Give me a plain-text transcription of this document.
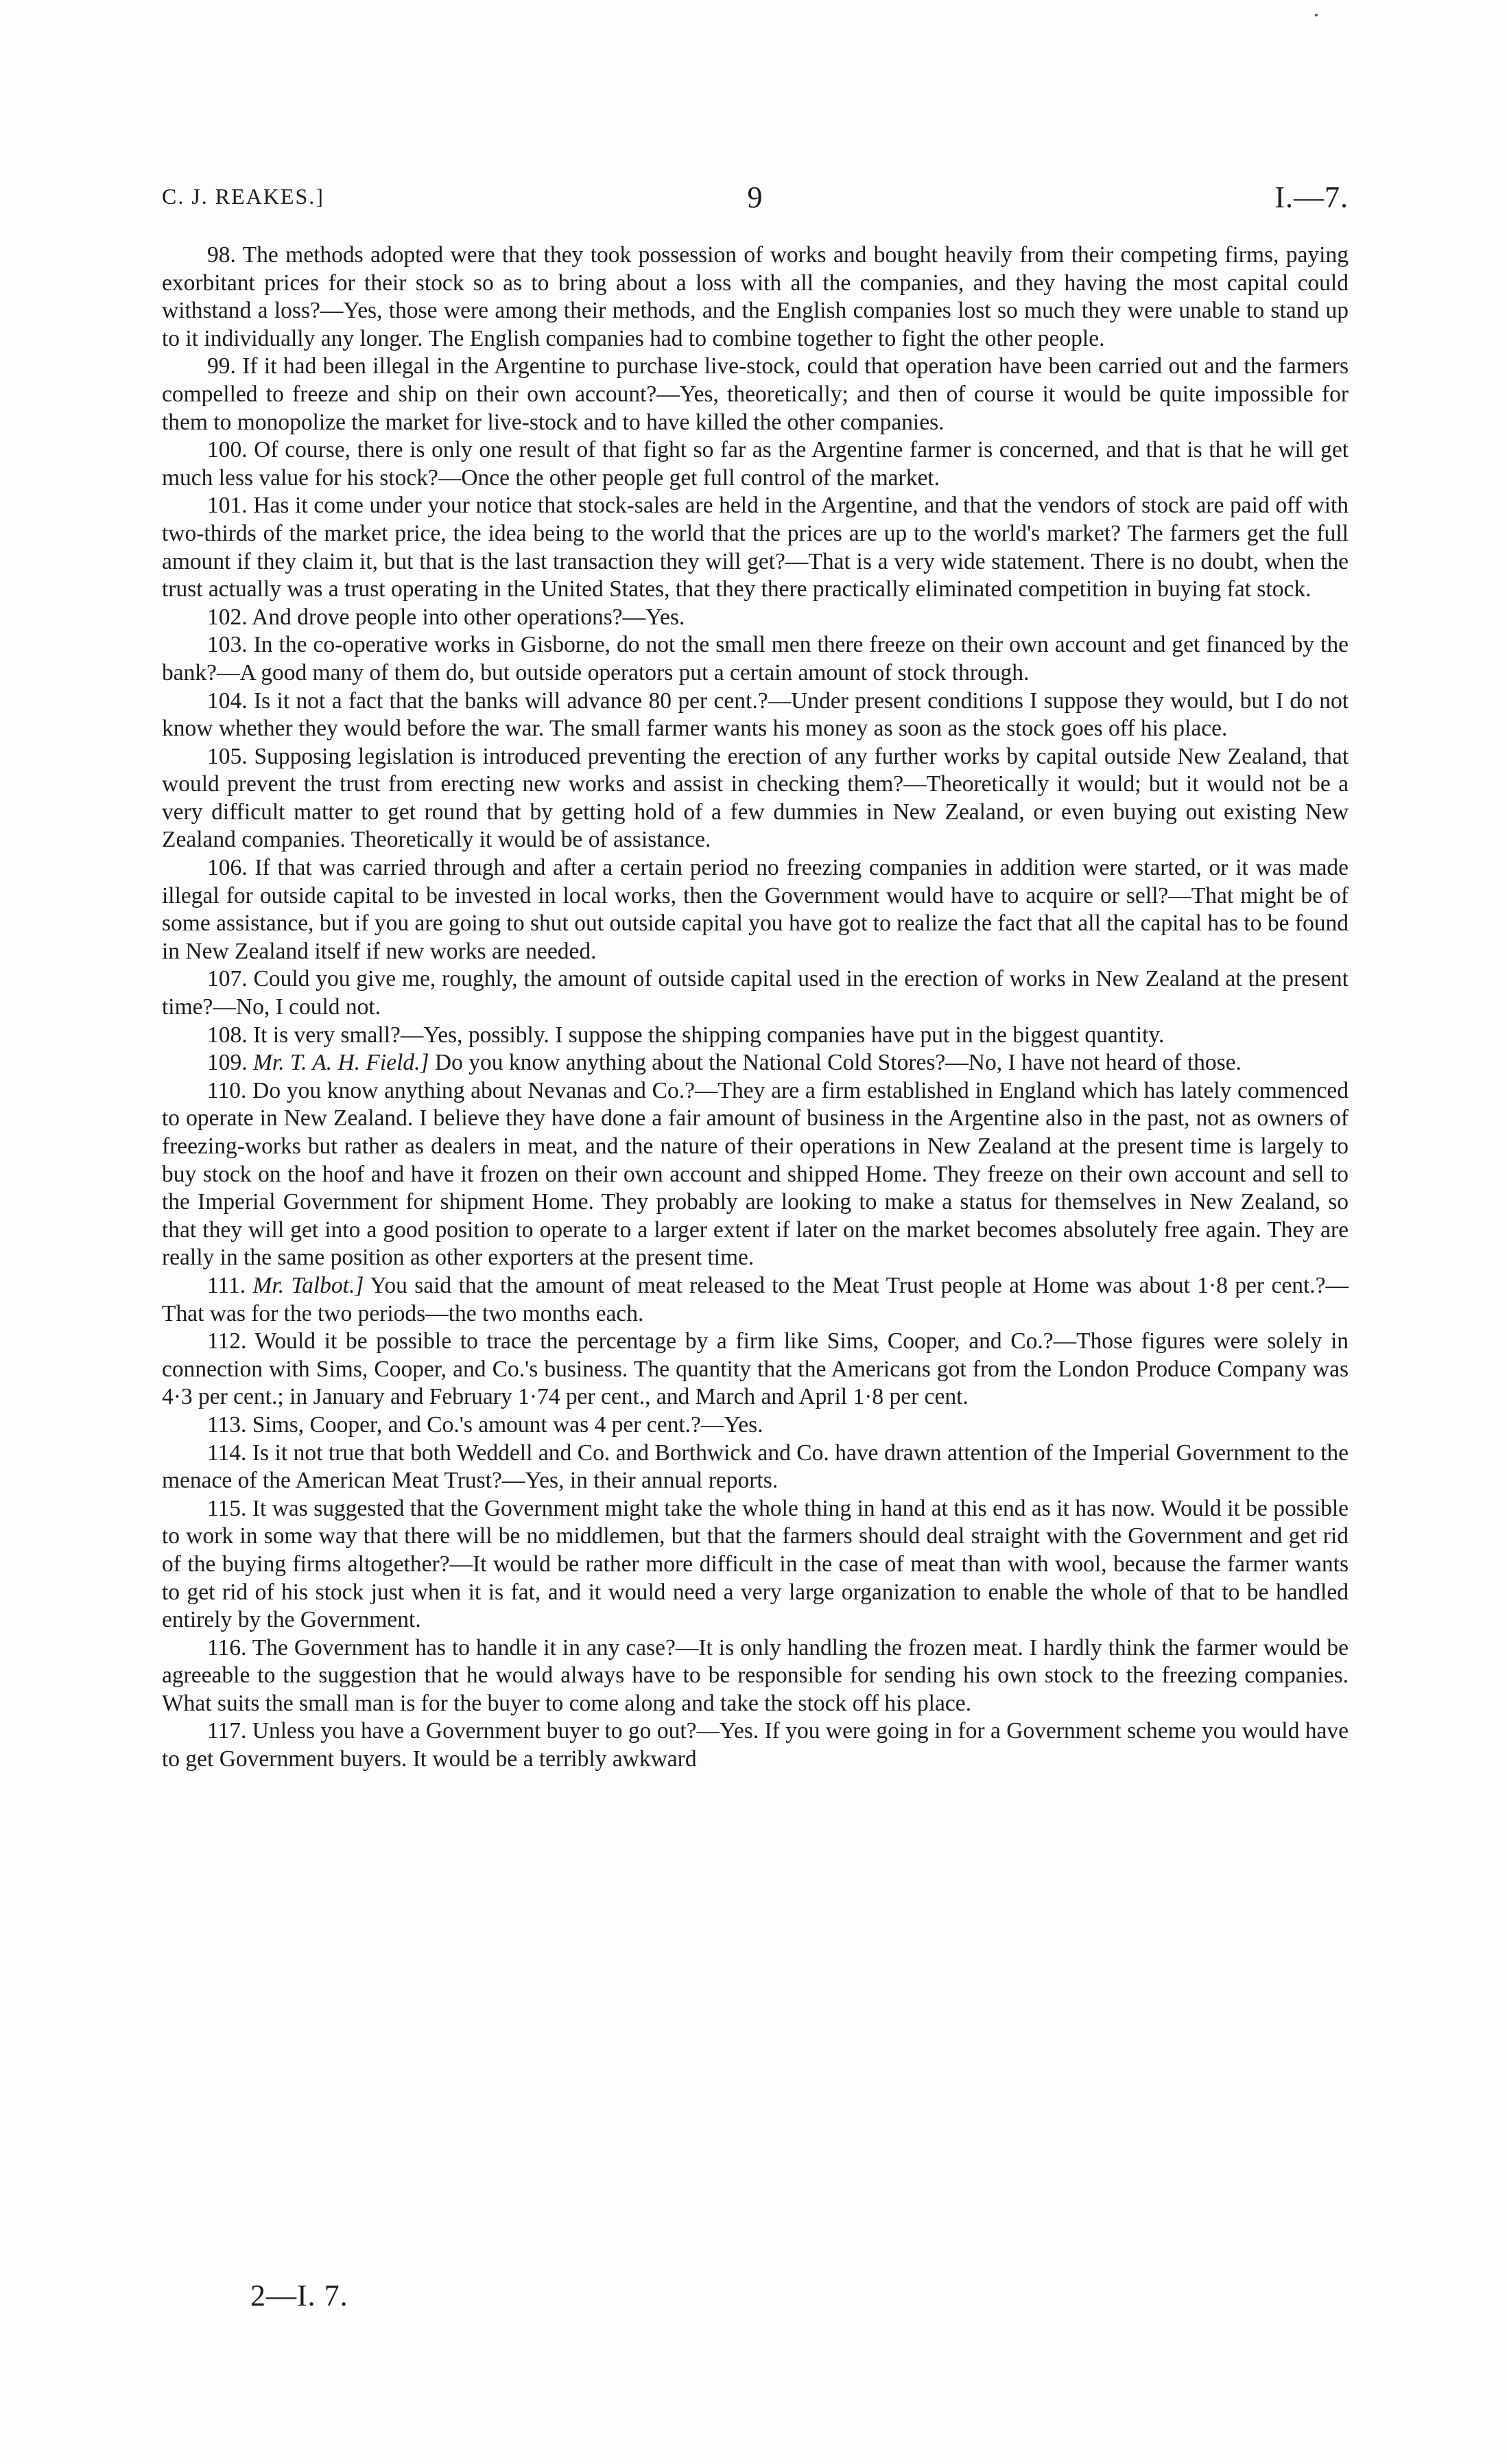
C. J. REAKES.]	9	I.—7.

98. The methods adopted were that they took possession of works and bought heavily from their competing firms, paying exorbitant prices for their stock so as to bring about a loss with all the companies, and they having the most capital could withstand a loss?—Yes, those were among their methods, and the English companies lost so much they were unable to stand up to it individually any longer. The English companies had to combine together to fight the other people.

99. If it had been illegal in the Argentine to purchase live-stock, could that operation have been carried out and the farmers compelled to freeze and ship on their own account?—Yes, theoretically; and then of course it would be quite impossible for them to monopolize the market for live-stock and to have killed the other companies.

100. Of course, there is only one result of that fight so far as the Argentine farmer is concerned, and that is that he will get much less value for his stock?—Once the other people get full control of the market.

101. Has it come under your notice that stock-sales are held in the Argentine, and that the vendors of stock are paid off with two-thirds of the market price, the idea being to the world that the prices are up to the world's market? The farmers get the full amount if they claim it, but that is the last transaction they will get?—That is a very wide statement. There is no doubt, when the trust actually was a trust operating in the United States, that they there practically eliminated competition in buying fat stock.

102. And drove people into other operations?—Yes.

103. In the co-operative works in Gisborne, do not the small men there freeze on their own account and get financed by the bank?—A good many of them do, but outside operators put a certain amount of stock through.

104. Is it not a fact that the banks will advance 80 per cent.?—Under present conditions I suppose they would, but I do not know whether they would before the war. The small farmer wants his money as soon as the stock goes off his place.

105. Supposing legislation is introduced preventing the erection of any further works by capital outside New Zealand, that would prevent the trust from erecting new works and assist in checking them?—Theoretically it would; but it would not be a very difficult matter to get round that by getting hold of a few dummies in New Zealand, or even buying out existing New Zealand companies. Theoretically it would be of assistance.

106. If that was carried through and after a certain period no freezing companies in addition were started, or it was made illegal for outside capital to be invested in local works, then the Government would have to acquire or sell?—That might be of some assistance, but if you are going to shut out outside capital you have got to realize the fact that all the capital has to be found in New Zealand itself if new works are needed.

107. Could you give me, roughly, the amount of outside capital used in the erection of works in New Zealand at the present time?—No, I could not.

108. It is very small?—Yes, possibly. I suppose the shipping companies have put in the biggest quantity.

109. Mr. T. A. H. Field.] Do you know anything about the National Cold Stores?—No, I have not heard of those.

110. Do you know anything about Nevanas and Co.?—They are a firm established in England which has lately commenced to operate in New Zealand. I believe they have done a fair amount of business in the Argentine also in the past, not as owners of freezing-works but rather as dealers in meat, and the nature of their operations in New Zealand at the present time is largely to buy stock on the hoof and have it frozen on their own account and shipped Home. They freeze on their own account and sell to the Imperial Government for shipment Home. They probably are looking to make a status for themselves in New Zealand, so that they will get into a good position to operate to a larger extent if later on the market becomes absolutely free again. They are really in the same position as other exporters at the present time.

111. Mr. Talbot.] You said that the amount of meat released to the Meat Trust people at Home was about 1·8 per cent.?—That was for the two periods—the two months each.

112. Would it be possible to trace the percentage by a firm like Sims, Cooper, and Co.?—Those figures were solely in connection with Sims, Cooper, and Co.'s business. The quantity that the Americans got from the London Produce Company was 4·3 per cent.; in January and February 1·74 per cent., and March and April 1·8 per cent.

113. Sims, Cooper, and Co.'s amount was 4 per cent.?—Yes.

114. Is it not true that both Weddell and Co. and Borthwick and Co. have drawn attention of the Imperial Government to the menace of the American Meat Trust?—Yes, in their annual reports.

115. It was suggested that the Government might take the whole thing in hand at this end as it has now. Would it be possible to work in some way that there will be no middlemen, but that the farmers should deal straight with the Government and get rid of the buying firms altogether?—It would be rather more difficult in the case of meat than with wool, because the farmer wants to get rid of his stock just when it is fat, and it would need a very large organization to enable the whole of that to be handled entirely by the Government.

116. The Government has to handle it in any case?—It is only handling the frozen meat. I hardly think the farmer would be agreeable to the suggestion that he would always have to be responsible for sending his own stock to the freezing companies. What suits the small man is for the buyer to come along and take the stock off his place.

117. Unless you have a Government buyer to go out?—Yes. If you were going in for a Government scheme you would have to get Government buyers. It would be a terribly awkward

2—I. 7.
